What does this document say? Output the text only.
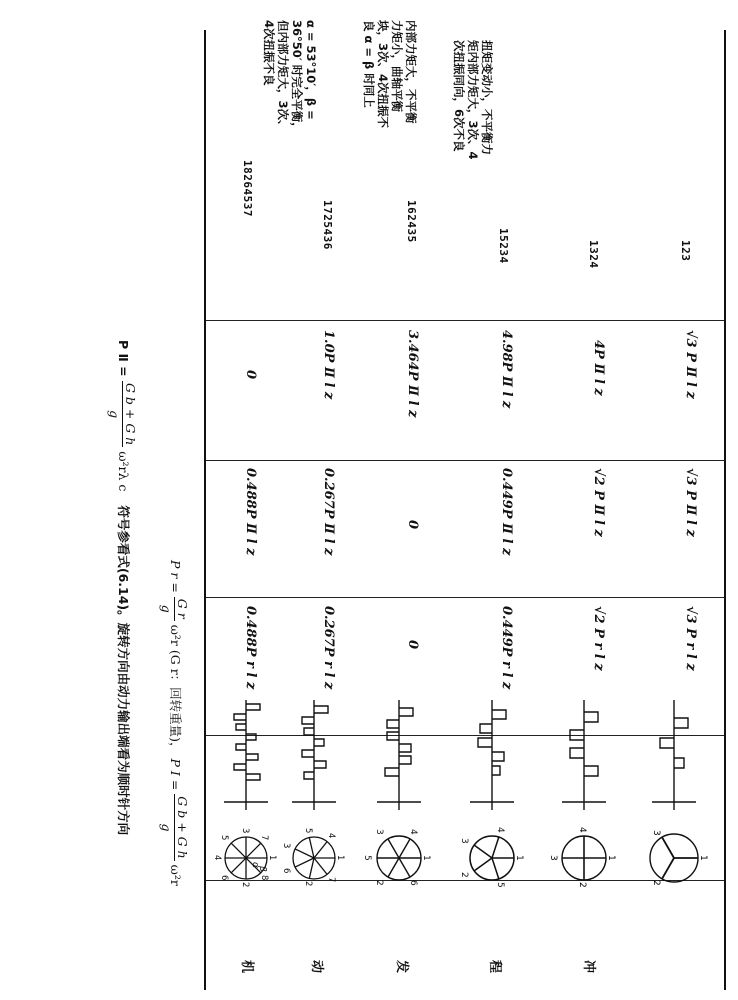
冲
程
发
动
机
1
2
3
1
2
3
4
1
5
2
3
4
1
6
2
5
3	4
1
7
2
6
3
5
4
1
8
2
6
4
5
3
7
α
β
√3 P r l z
√2 P r l z
0.449P r l z
0
0.267P r l z
0.488P r l z
√3 P Ⅱ l z
√2 P Ⅱ l z
0.449P Ⅱ l z
0
0.267P Ⅱ l z
0.488P Ⅱ l z
√3 P Ⅱ l z
4P Ⅱ l z
4.98P Ⅱ l z
3.464P Ⅱ l z
1.0P Ⅱ l z
0
123
1324
15234
162435
1725436
18264537
扭矩变动小，不平衡力矩内部力矩大，3次、4次扭振同向，6次不良
内部力矩大，不平衡力矩小，曲轴平衡块，3次、4次扭振不良 α = β 时同上
α = 53°10′，β = 36°50′ 时完全平衡，但内部力矩大，3次、4次扭振不良
P r =
G r
g
ω²r (G r：回转重量)， P Ⅰ =
G b + G h
g
ω²r
P Ⅱ =
G b + G h
g
ω²rλ c 符号参看式(6.14)。旋转方向由动力输出端看为顺时针方向
